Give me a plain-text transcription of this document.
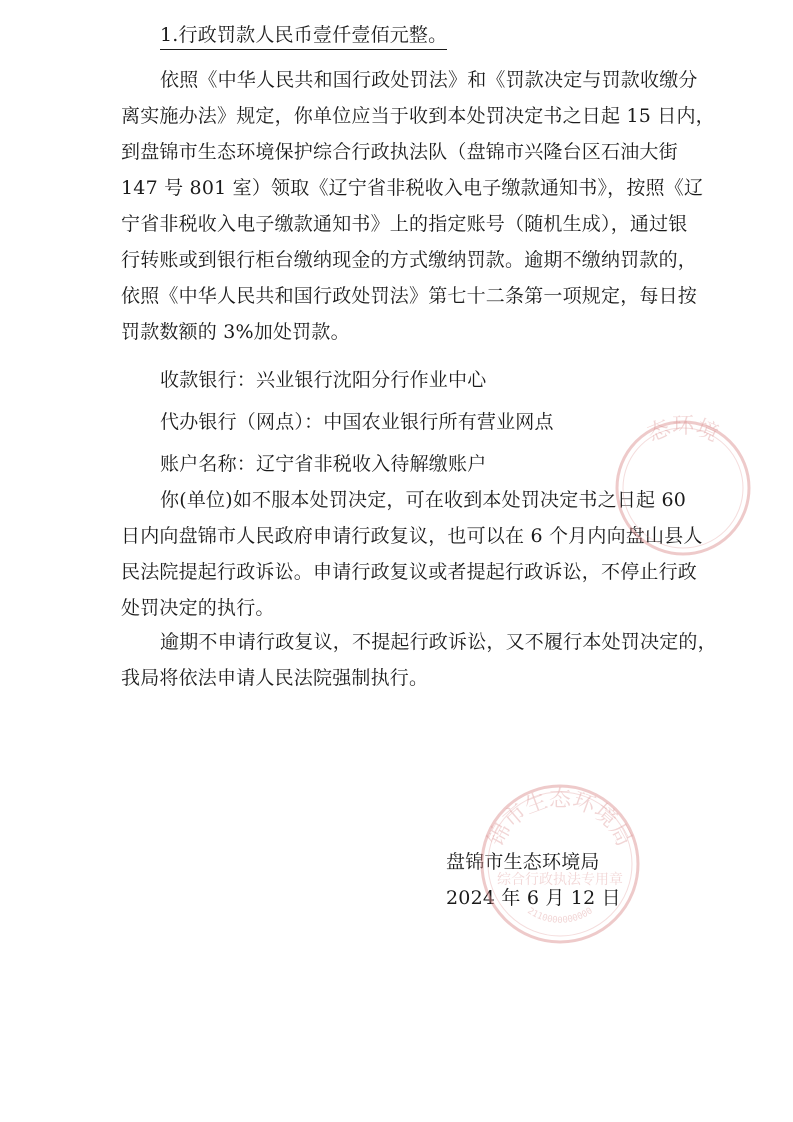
1.行政罚款人民币壹仟壹佰元整。
依照《中华人民共和国行政处罚法》和《罚款决定与罚款收缴分
离实施办法》规定，你单位应当于收到本处罚决定书之日起 15 日内，
到盘锦市生态环境保护综合行政执法队（盘锦市兴隆台区石油大街
147 号 801 室）领取《辽宁省非税收入电子缴款通知书》，按照《辽
宁省非税收入电子缴款通知书》上的指定账号（随机生成），通过银
行转账或到银行柜台缴纳现金的方式缴纳罚款。逾期不缴纳罚款的，
依照《中华人民共和国行政处罚法》第七十二条第一项规定，每日按
罚款数额的 3%加处罚款。
收款银行：兴业银行沈阳分行作业中心
代办银行（网点）：中国农业银行所有营业网点
账户名称：辽宁省非税收入待解缴账户
你(单位)如不服本处罚决定，可在收到本处罚决定书之日起 60
日内向盘锦市人民政府申请行政复议，也可以在 6 个月内向盘山县人
民法院提起行政诉讼。申请行政复议或者提起行政诉讼，不停止行政
处罚决定的执行。
逾期不申请行政复议，不提起行政诉讼，又不履行本处罚决定的，
我局将依法申请人民法院强制执行。
盘锦市生态环境局
2024 年 6 月 12 日
态环境
锦市生态环境局
综合行政执法专用章
2110000000000
